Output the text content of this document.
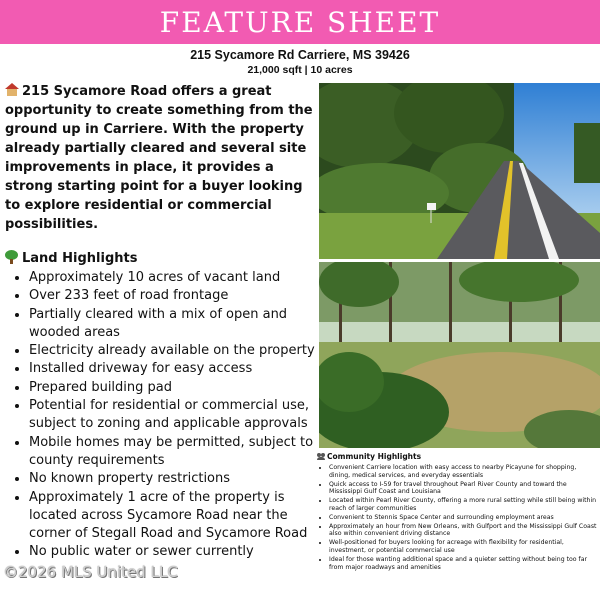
FEATURE SHEET
215 Sycamore Rd Carriere, MS 39426
21,000 sqft | 10 acres

215 Sycamore Road offers a great opportunity to create something from the ground up in Carriere. With the property already partially cleared and several site improvements in place, it provides a strong starting point for a buyer looking to explore residential or commercial possibilities.

Land Highlights
• Approximately 10 acres of vacant land
• Over 233 feet of road frontage
• Partially cleared with a mix of open and wooded areas
• Electricity already available on the property
• Installed driveway for easy access
• Prepared building pad
• Potential for residential or commercial use, subject to zoning and applicable approvals
• Mobile homes may be permitted, subject to county requirements
• No known property restrictions
• Approximately 1 acre of the property is located across Sycamore Road near the corner of Stegall Road and Sycamore Road
• No public water or sewer currently
Community Highlights
• Convenient Carriere location with easy access to nearby Picayune for shopping, dining, medical services, and everyday essentials
• Quick access to I-59 for travel throughout Pearl River County and toward the Mississippi Gulf Coast and Louisiana
• Located within Pearl River County, offering a more rural setting while still being within reach of larger communities
• Convenient to Stennis Space Center and surrounding employment areas
• Approximately an hour from New Orleans, with Gulfport and the Mississippi Gulf Coast also within convenient driving distance
• Well-positioned for buyers looking for acreage with flexibility for residential, investment, or potential commercial use
• Ideal for those wanting additional space and a quieter setting without being too far from major roadways and amenities
©2026 MLS United LLC
